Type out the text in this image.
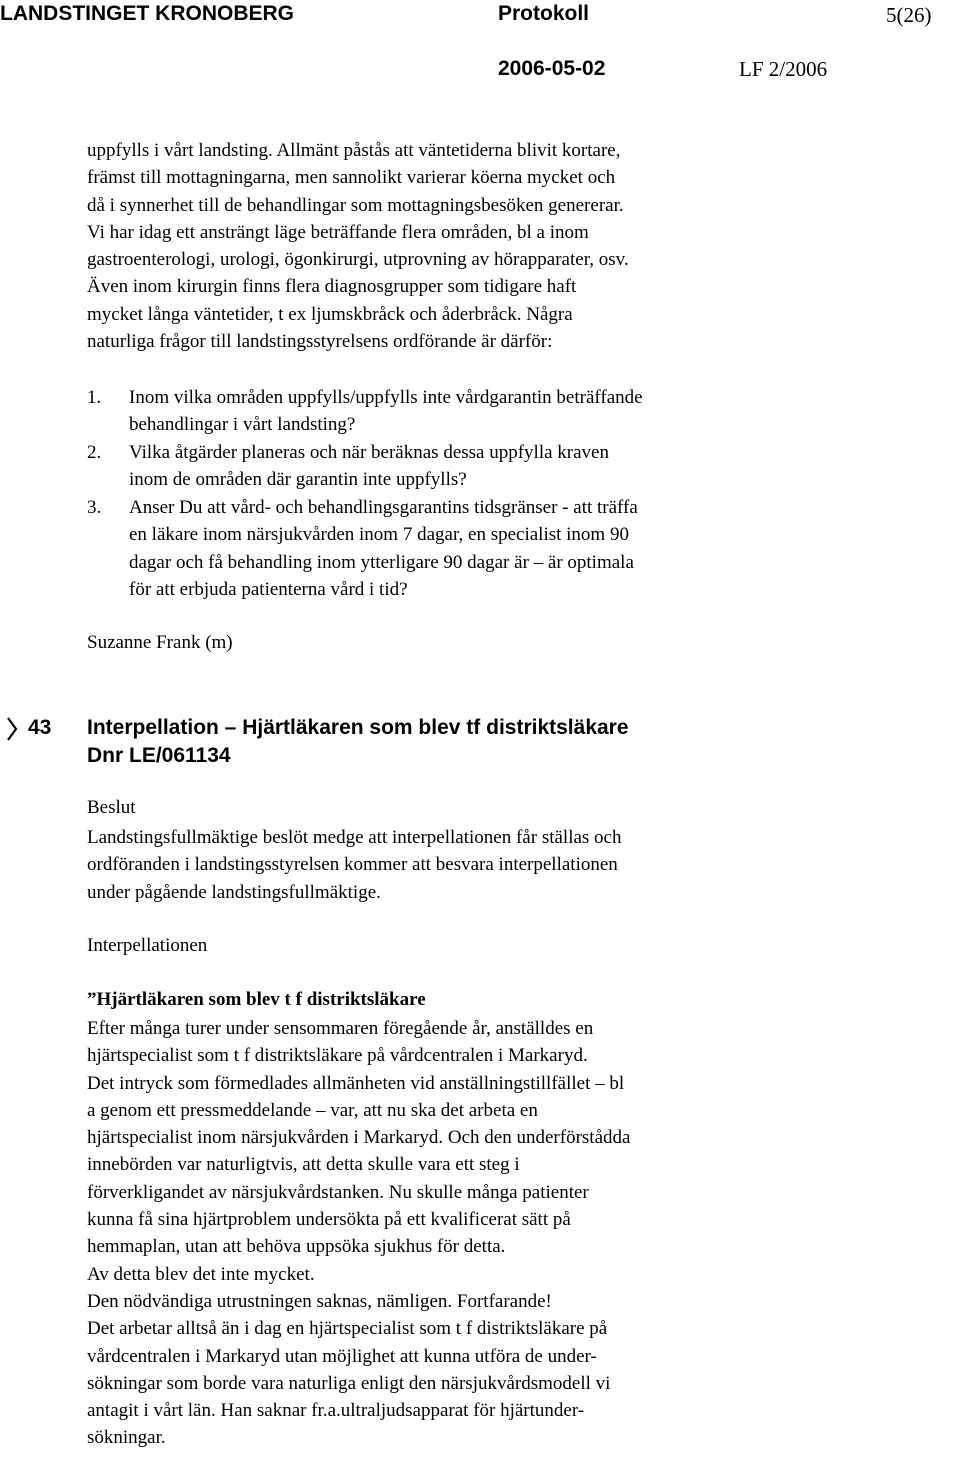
LANDSTINGET KRONOBERG	Protokoll	5(26)
2006-05-02	LF 2/2006
uppfylls i vårt landsting. Allmänt påstås att väntetiderna blivit kortare,
främst till mottagningarna, men sannolikt varierar köerna mycket och
då i synnerhet till de behandlingar som mottagningsbesöken genererar.
Vi har idag ett ansträngt läge beträffande flera områden, bl a inom
gastroenterologi, urologi, ögonkirurgi, utprovning av hörapparater, osv.
Även inom kirurgin finns flera diagnosgrupper som tidigare haft
mycket långa väntetider, t ex ljumskbråck och åderbråck. Några
naturliga frågor till landstingsstyrelsens ordförande är därför:
1. Inom vilka områden uppfylls/uppfylls inte vårdgarantin beträffande
behandlingar i vårt landsting?
2. Vilka åtgärder planeras och när beräknas dessa uppfylla kraven
inom de områden där garantin inte uppfylls?
3. Anser Du att vård- och behandlingsgarantins tidsgränser - att träffa
en läkare inom närsjukvården inom 7 dagar, en specialist inom 90
dagar och få behandling inom ytterligare 90 dagar är – är optimala
för att erbjuda patienterna vård i tid?
Suzanne Frank (m)
43 Interpellation – Hjärtläkaren som blev tf distriktsläkare
Dnr LE/061134
Beslut
Landstingsfullmäktige beslöt medge att interpellationen får ställas och
ordföranden i landstingsstyrelsen kommer att besvara interpellationen
under pågående landstingsfullmäktige.
Interpellationen
”Hjärtläkaren som blev t f distriktsläkare
Efter många turer under sensommaren föregående år, anställdes en
hjärtspecialist som t f distriktsläkare på vårdcentralen i Markaryd.
Det intryck som förmedlades allmänheten vid anställningstillfället – bl
a genom ett pressmeddelande – var, att nu ska det arbeta en
hjärtspecialist inom närsjukvården i Markaryd. Och den underförstådda
innebörden var naturligtvis, att detta skulle vara ett steg i
förverkligandet av närsjukvårdstanken. Nu skulle många patienter
kunna få sina hjärtproblem undersökta på ett kvalificerat sätt på
hemmaplan, utan att behöva uppsöka sjukhus för detta.
Av detta blev det inte mycket.
Den nödvändiga utrustningen saknas, nämligen. Fortfarande!
Det arbetar alltså än i dag en hjärtspecialist som t f distriktsläkare på
vårdcentralen i Markaryd utan möjlighet att kunna utföra de under-
sökningar som borde vara naturliga enligt den närsjukvårdsmodell vi
antagit i vårt län. Han saknar fr.a.ultraljudsapparat för hjärtunder-
sökningar.
